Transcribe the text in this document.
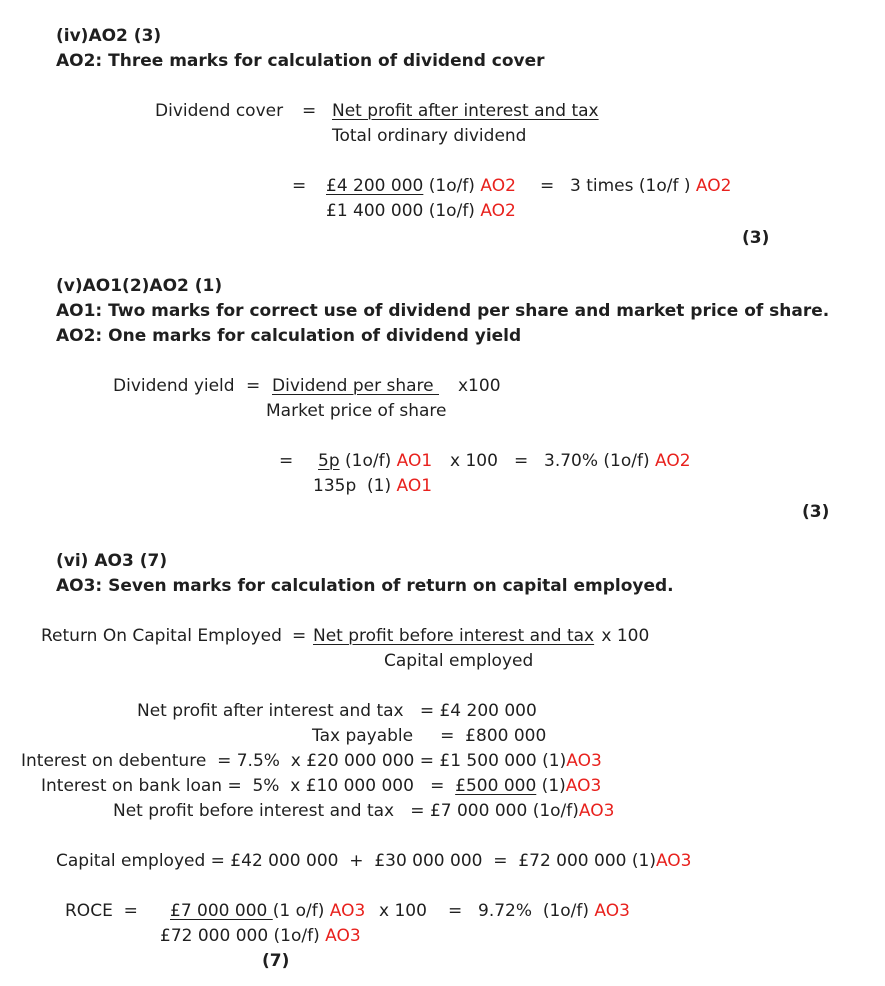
(iv)AO2 (3)
AO2: Three marks for calculation of dividend cover
Dividend cover = Net profit after interest and tax
Total ordinary dividend
= £4 200 000 (1o/f) AO2 = 3 times (1o/f ) AO2
£1 400 000 (1o/f) AO2
(3)
(v)AO1(2)AO2 (1)
AO1: Two marks for correct use of dividend per share and market price of share.
AO2: One marks for calculation of dividend yield
Dividend yield = Dividend per share x100
Market price of share
= 5p (1o/f) AO1 x 100 = 3.70% (1o/f) AO2
135p  (1) AO1
(3)
(vi) AO3 (7)
AO3: Seven marks for calculation of return on capital employed.
Return On Capital Employed = Net profit before interest and tax x 100
Capital employed
Net profit after interest and tax   = £4 200 000
Tax payable     =  £800 000
Interest on debenture  = 7.5%  x £20 000 000 = £1 500 000 (1)AO3
Interest on bank loan =  5%  x £10 000 000   =  £500 000 (1)AO3
Net profit before interest and tax   = £7 000 000 (1o/f)AO3
Capital employed = £42 000 000  +  £30 000 000  =  £72 000 000 (1)AO3
ROCE  = £7 000 000 (1 o/f) AO3 x 100 = 9.72%  (1o/f) AO3
£72 000 000 (1o/f) AO3
(7)
